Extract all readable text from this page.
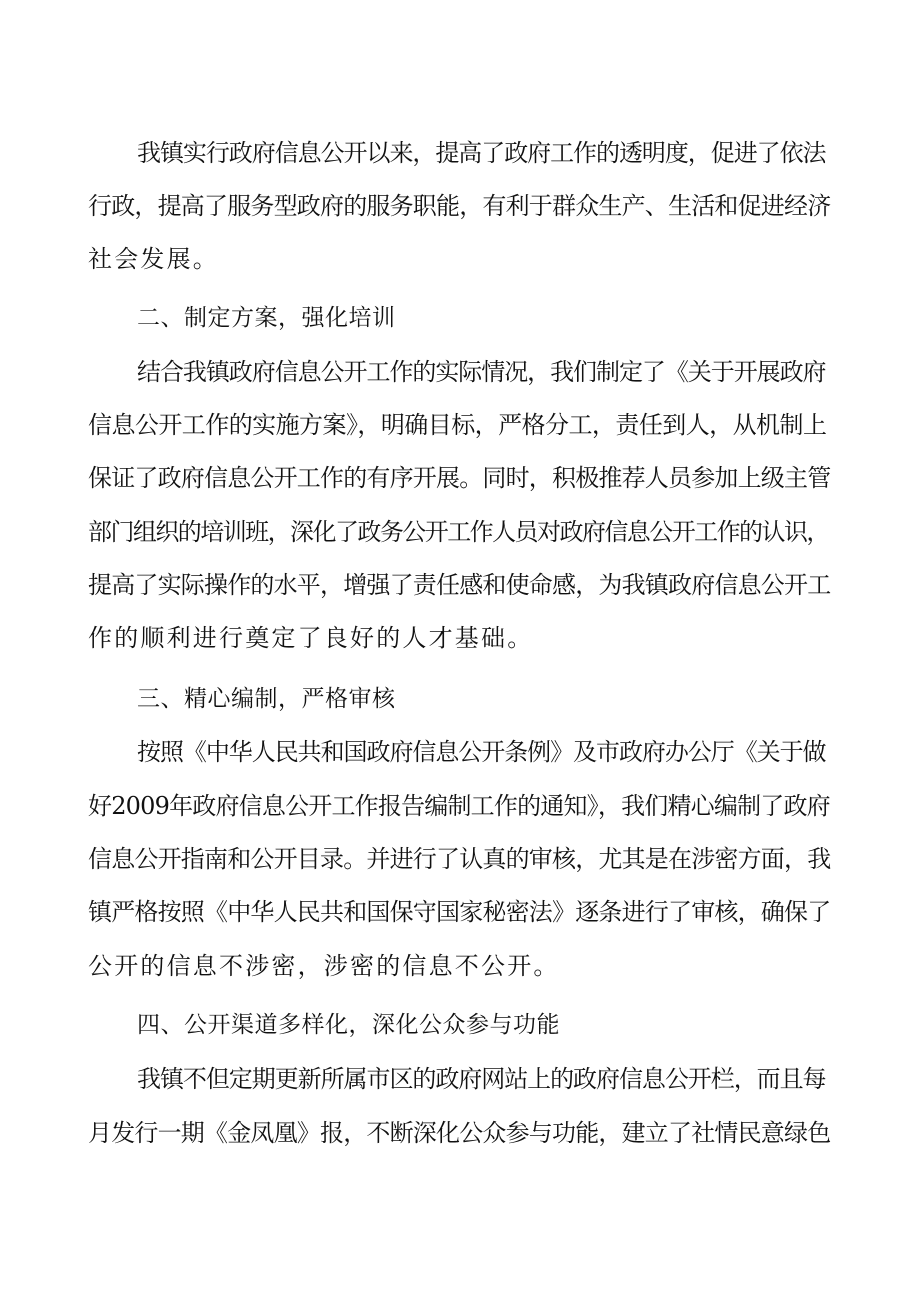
我镇实行政府信息公开以来，提高了政府工作的透明度，促进了依法

行政，提高了服务型政府的服务职能，有利于群众生产、生活和促进经济

社会发展。

二、制定方案，强化培训

结合我镇政府信息公开工作的实际情况，我们制定了《关于开展政府

信息公开工作的实施方案》，明确目标，严格分工，责任到人，从机制上

保证了政府信息公开工作的有序开展。同时，积极推荐人员参加上级主管

部门组织的培训班，深化了政务公开工作人员对政府信息公开工作的认识，

提高了实际操作的水平，增强了责任感和使命感，为我镇政府信息公开工

作的顺利进行奠定了良好的人才基础。

三、精心编制，严格审核

按照《中华人民共和国政府信息公开条例》及市政府办公厅《关于做

好2009年政府信息公开工作报告编制工作的通知》，我们精心编制了政府

信息公开指南和公开目录。并进行了认真的审核，尤其是在涉密方面，我

镇严格按照《中华人民共和国保守国家秘密法》逐条进行了审核，确保了

公开的信息不涉密，涉密的信息不公开。

四、公开渠道多样化，深化公众参与功能

我镇不但定期更新所属市区的政府网站上的政府信息公开栏，而且每

月发行一期《金凤凰》报，不断深化公众参与功能，建立了社情民意绿色
